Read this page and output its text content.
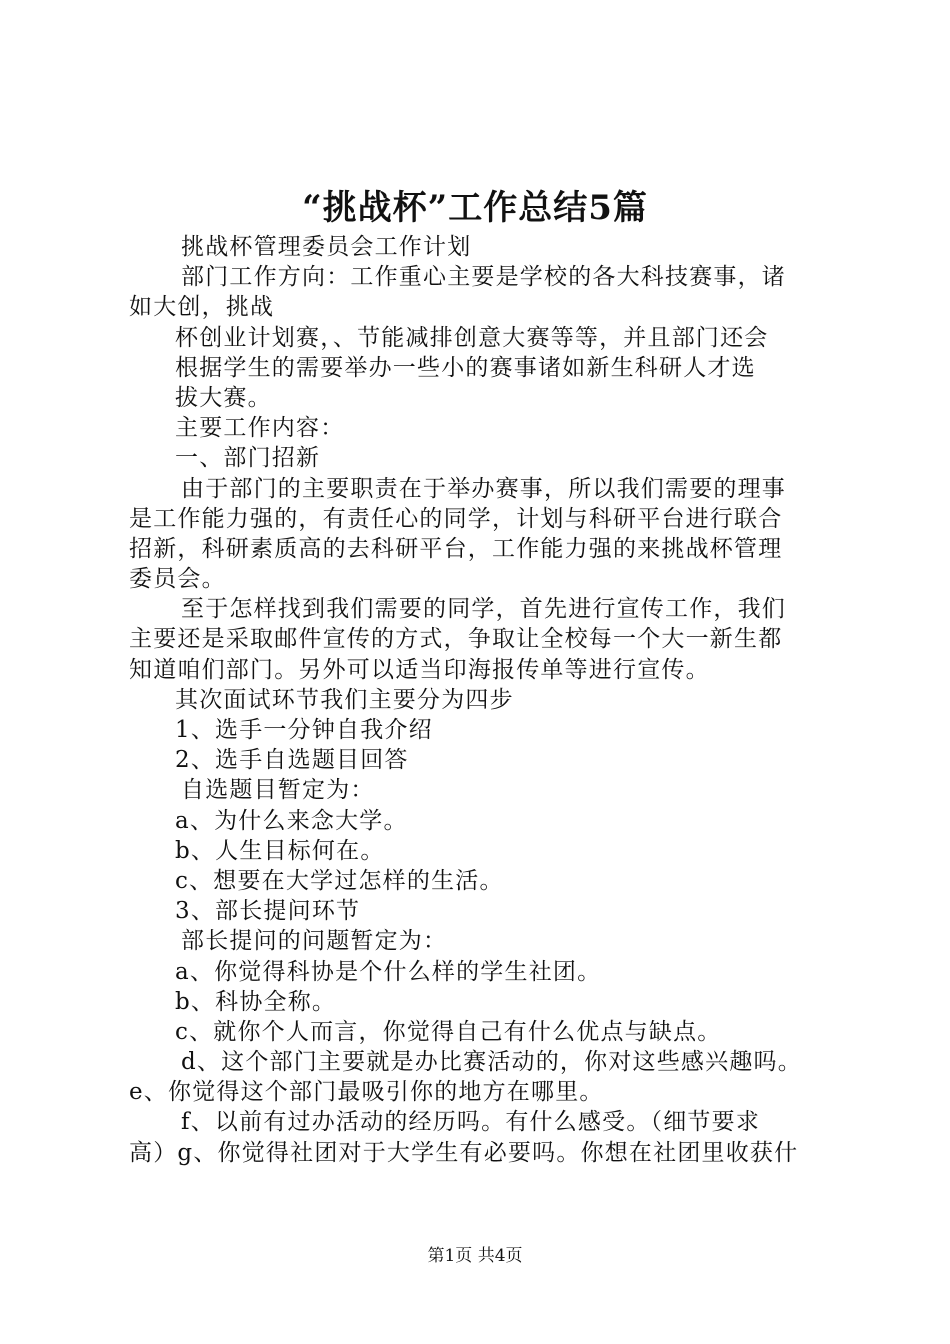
“挑战杯”工作总结5篇
挑战杯管理委员会工作计划
部门工作方向：工作重心主要是学校的各大科技赛事，诸
如大创，挑战
杯创业计划赛，、节能减排创意大赛等等，并且部门还会
根据学生的需要举办一些小的赛事诸如新生科研人才选
拔大赛。
主要工作内容：
一、部门招新
由于部门的主要职责在于举办赛事，所以我们需要的理事
是工作能力强的，有责任心的同学，计划与科研平台进行联合
招新，科研素质高的去科研平台，工作能力强的来挑战杯管理
委员会。
至于怎样找到我们需要的同学，首先进行宣传工作，我们
主要还是采取邮件宣传的方式，争取让全校每一个大一新生都
知道咱们部门。另外可以适当印海报传单等进行宣传。
其次面试环节我们主要分为四步
1、选手一分钟自我介绍
2、选手自选题目回答
自选题目暂定为：
a、为什么来念大学。
b、人生目标何在。
c、想要在大学过怎样的生活。
3、部长提问环节
部长提问的问题暂定为：
a、你觉得科协是个什么样的学生社团。
b、科协全称。
c、就你个人而言，你觉得自己有什么优点与缺点。
d、这个部门主要就是办比赛活动的，你对这些感兴趣吗。
e、你觉得这个部门最吸引你的地方在哪里。
f、以前有过办活动的经历吗。有什么感受。（细节要求
高）g、你觉得社团对于大学生有必要吗。你想在社团里收获什
第1页 共4页
